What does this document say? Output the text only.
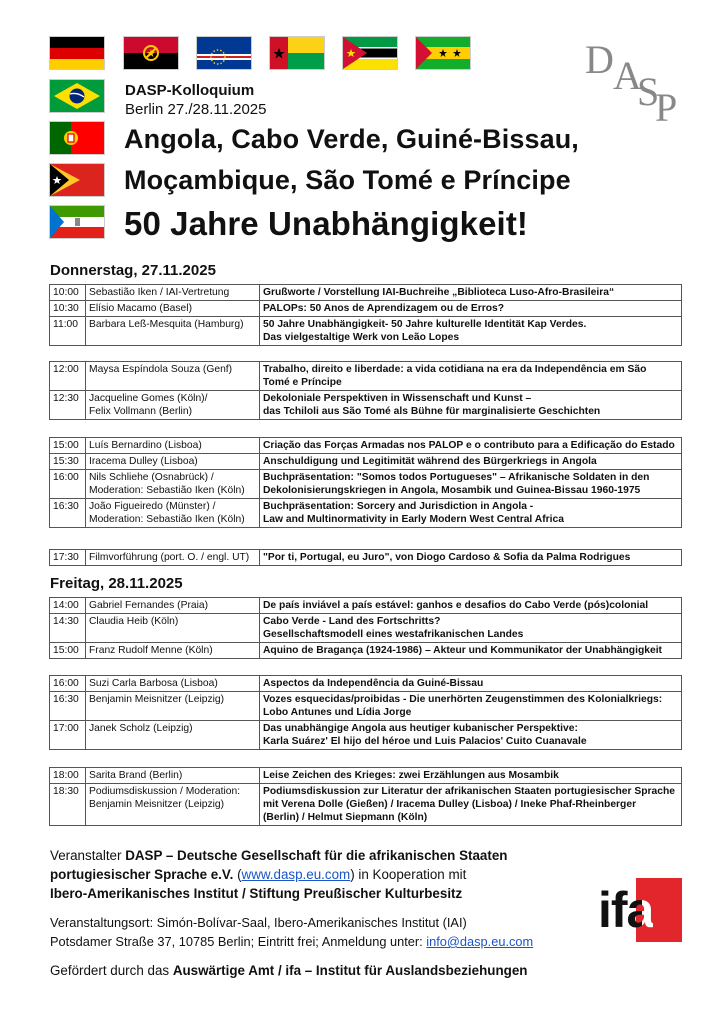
D A
S
P
DASP-Kolloquium
Berlin 27./28.11.2025
Angola, Cabo Verde, Guiné-Bissau,
Moçambique, São Tomé e Príncipe
50 Jahre Unabhängigkeit!
Donnerstag, 27.11.2025
10:00	Sebastião Iken / IAI-Vertretung	Grußworte / Vorstellung IAI-Buchreihe „Biblioteca Luso-Afro-Brasileira“

10:30	Elísio Macamo (Basel)	PALOPs: 50 Anos de Aprendizagem ou de Erros?

11:00	Barbara Leß-Mesquita (Hamburg)	50 Jahre Unabhängigkeit- 50 Jahre kulturelle Identität Kap Verdes.
Das vielgestaltige Werk von Leão Lopes
12:00	Maysa Espíndola Souza (Genf)	Trabalho, direito e liberdade: a vida cotidiana na era da Independência em São
Tomé e Príncipe

12:30	Jacqueline Gomes (Köln)/
Felix Vollmann (Berlin)	Dekoloniale Perspektiven in Wissenschaft und Kunst –
das Tchiloli aus São Tomé als Bühne für marginalisierte Geschichten
15:00	Luís Bernardino (Lisboa)	Criação das Forças Armadas nos PALOP e o contributo para a Edificação do Estado

15:30	Iracema Dulley (Lisboa)	Anschuldigung und Legitimität während des Bürgerkriegs in Angola

16:00	Nils Schliehe (Osnabrück) /
Moderation: Sebastião Iken (Köln)	Buchpräsentation: "Somos todos Portugueses" – Afrikanische Soldaten in den
Dekolonisierungskriegen in Angola, Mosambik und Guinea-Bissau 1960-1975

16:30	João Figueiredo (Münster) /
Moderation: Sebastião Iken (Köln)	Buchpräsentation: Sorcery and Jurisdiction in Angola -
Law and Multinormativity in Early Modern West Central Africa
17:30	Filmvorführung (port. O. / engl. UT)	"Por ti, Portugal, eu Juro", von Diogo Cardoso & Sofia da Palma Rodrigues
Freitag, 28.11.2025
14:00	Gabriel Fernandes (Praia)	De país inviável a país estável: ganhos e desafios do Cabo Verde (pós)colonial

14:30	Claudia Heib (Köln)	Cabo Verde - Land des Fortschritts?
Gesellschaftsmodell eines westafrikanischen Landes

15:00	Franz Rudolf Menne (Köln)	Aquino de Bragança (1924-1986) – Akteur und Kommunikator der Unabhängigkeit
16:00	Suzi Carla Barbosa (Lisboa)	Aspectos da Independência da Guiné-Bissau

16:30	Benjamin Meisnitzer (Leipzig)	Vozes esquecidas/proibidas - Die unerhörten Zeugenstimmen des Kolonialkriegs:
Lobo Antunes und Lídia Jorge

17:00	Janek Scholz (Leipzig)	Das unabhängige Angola aus heutiger kubanischer Perspektive:
Karla Suárez' El hijo del héroe und Luis Palacios' Cuito Cuanavale
18:00	Sarita Brand (Berlin)	Leise Zeichen des Krieges: zwei Erzählungen aus Mosambik

18:30	Podiumsdiskussion / Moderation:
Benjamin Meisnitzer (Leipzig)	Podiumsdiskussion zur Literatur der afrikanischen Staaten portugiesischer Sprache
mit Verena Dolle (Gießen) / Iracema Dulley (Lisboa) / Ineke Phaf-Rheinberger
(Berlin) / Helmut Siepmann (Köln)
Veranstalter DASP – Deutsche Gesellschaft für die afrikanischen Staaten
portugiesischer Sprache e.V. (www.dasp.eu.com) in Kooperation mit
Ibero-Amerikanisches Institut / Stiftung Preußischer Kulturbesitz
Veranstaltungsort: Simón-Bolívar-Saal, Ibero-Amerikanisches Institut (IAI)
Potsdamer Straße 37, 10785 Berlin; Eintritt frei; Anmeldung unter: info@dasp.eu.com
Gefördert durch das Auswärtige Amt / ifa – Institut für Auslandsbeziehungen
ifa
